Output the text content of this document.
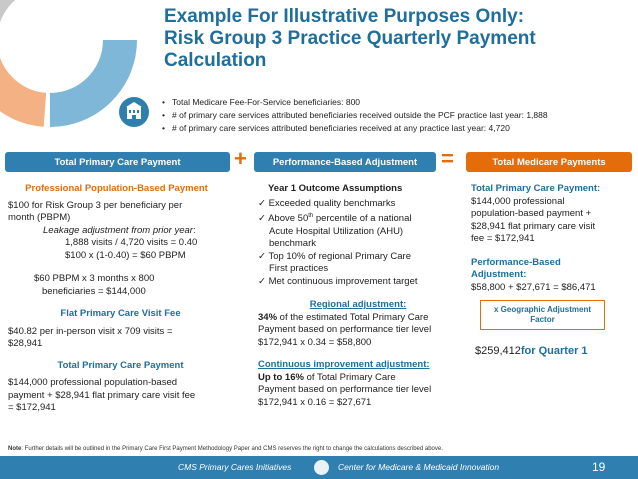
Example For Illustrative Purposes Only:
Risk Group 3 Practice Quarterly Payment
Calculation
• Total Medicare Fee-For-Service beneficiaries: 800
• # of primary care services attributed beneficiaries received outside the PCF practice last year: 1,888
• # of primary care services attributed beneficiaries received at any practice last year: 4,720
Total Primary Care Payment	+	Performance-Based Adjustment	=	Total Medicare Payments
Professional Population-Based Payment
$100 for Risk Group 3 per beneficiary per
month (PBPM)
Leakage adjustment from prior year:
1,888 visits / 4,720 visits = 0.40
$100 x (1-0.40) = $60 PBPM
$60 PBPM x 3 months x 800
beneficiaries = $144,000
Flat Primary Care Visit Fee
$40.82 per in-person visit x 709 visits =
$28,941
Total Primary Care Payment
$144,000 professional population-based
payment + $28,941 flat primary care visit fee
= $172,941
Year 1 Outcome Assumptions
✓ Exceeded quality benchmarks
✓ Above 50th percentile of a national
Acute Hospital Utilization (AHU)
benchmark
✓ Top 10% of regional Primary Care
First practices
✓ Met continuous improvement target
Regional adjustment:
34% of the estimated Total Primary Care
Payment based on performance tier level
$172,941 x 0.34 = $58,800
Continuous improvement adjustment:
Up to 16% of Total Primary Care
Payment based on performance tier level
$172,941 x 0.16 = $27,671
Total Primary Care Payment:
$144,000 professional
population-based payment +
$28,941 flat primary care visit
fee = $172,941
Performance-Based
Adjustment:
$58,800 + $27,671 = $86,471
x Geographic Adjustment
Factor
$259,412 for Quarter 1
Note: Further details will be outlined in the Primary Care First Payment Methodology Paper and CMS reserves the right to change the calculations described above.
CMS Primary Cares Initiatives	Center for Medicare & Medicaid Innovation	19
